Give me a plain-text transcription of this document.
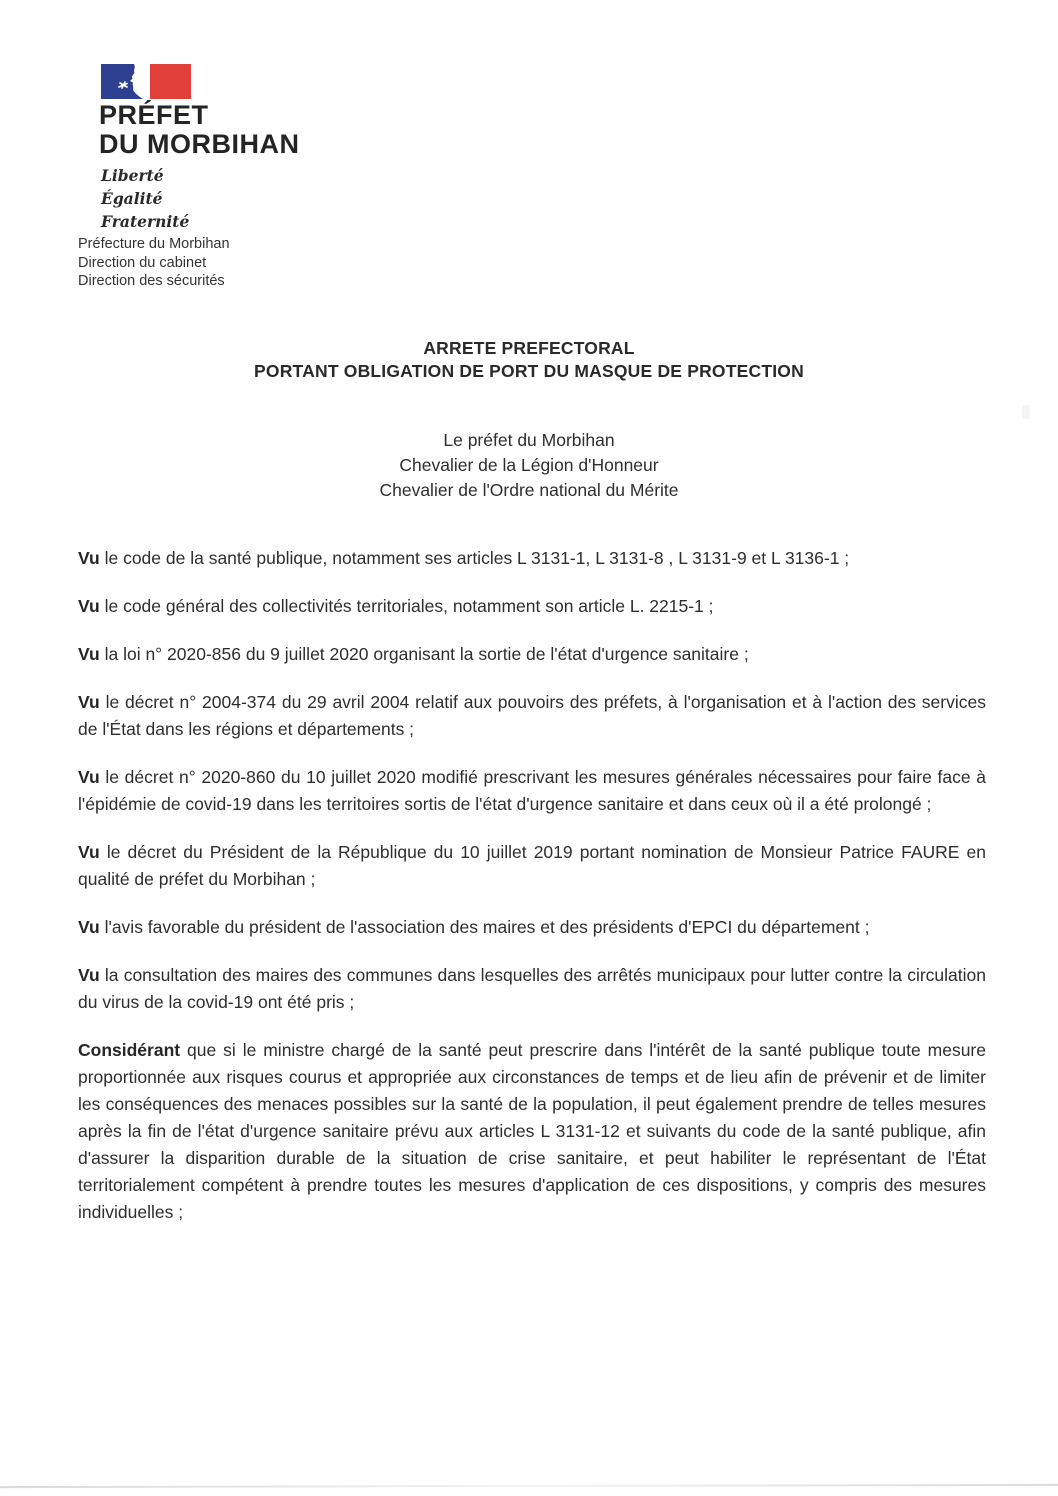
PRÉFET
DU MORBIHAN
Liberté
Égalité
Fraternité
Préfecture du Morbihan
Direction du cabinet
Direction des sécurités
ARRETE PREFECTORAL
PORTANT OBLIGATION DE PORT DU MASQUE DE PROTECTION
Le préfet du Morbihan
Chevalier de la Légion d'Honneur
Chevalier de l'Ordre national du Mérite

Vu le code de la santé publique, notamment ses articles L 3131-1, L 3131-8 , L 3131-9 et L 3136-1 ;

Vu le code général des collectivités territoriales, notamment son article L. 2215-1 ;

Vu la loi n° 2020-856 du 9 juillet 2020 organisant la sortie de l'état d'urgence sanitaire ;

Vu le décret n° 2004-374 du 29 avril 2004 relatif aux pouvoirs des préfets, à l'organisation et à l'action des services de l'État dans les régions et départements ;

Vu le décret n° 2020-860 du 10 juillet 2020 modifié prescrivant les mesures générales nécessaires pour faire face à l'épidémie de covid-19 dans les territoires sortis de l'état d'urgence sanitaire et dans ceux où il a été prolongé ;

Vu le décret du Président de la République du 10 juillet 2019 portant nomination de Monsieur Patrice FAURE en qualité de préfet du Morbihan ;

Vu l'avis favorable du président de l'association des maires et des présidents d'EPCI du département ;

Vu la consultation des maires des communes dans lesquelles des arrêtés municipaux pour lutter contre la circulation du virus de la covid-19 ont été pris ;

Considérant que si le ministre chargé de la santé peut prescrire dans l'intérêt de la santé publique toute mesure proportionnée aux risques courus et appropriée aux circonstances de temps et de lieu afin de prévenir et de limiter les conséquences des menaces possibles sur la santé de la population, il peut également prendre de telles mesures après la fin de l'état d'urgence sanitaire prévu aux articles L 3131-12 et suivants du code de la santé publique, afin d'assurer la disparition durable de la situation de crise sanitaire, et peut habiliter le représentant de l'État territorialement compétent à prendre toutes les mesures d'application de ces dispositions, y compris des mesures individuelles ;
